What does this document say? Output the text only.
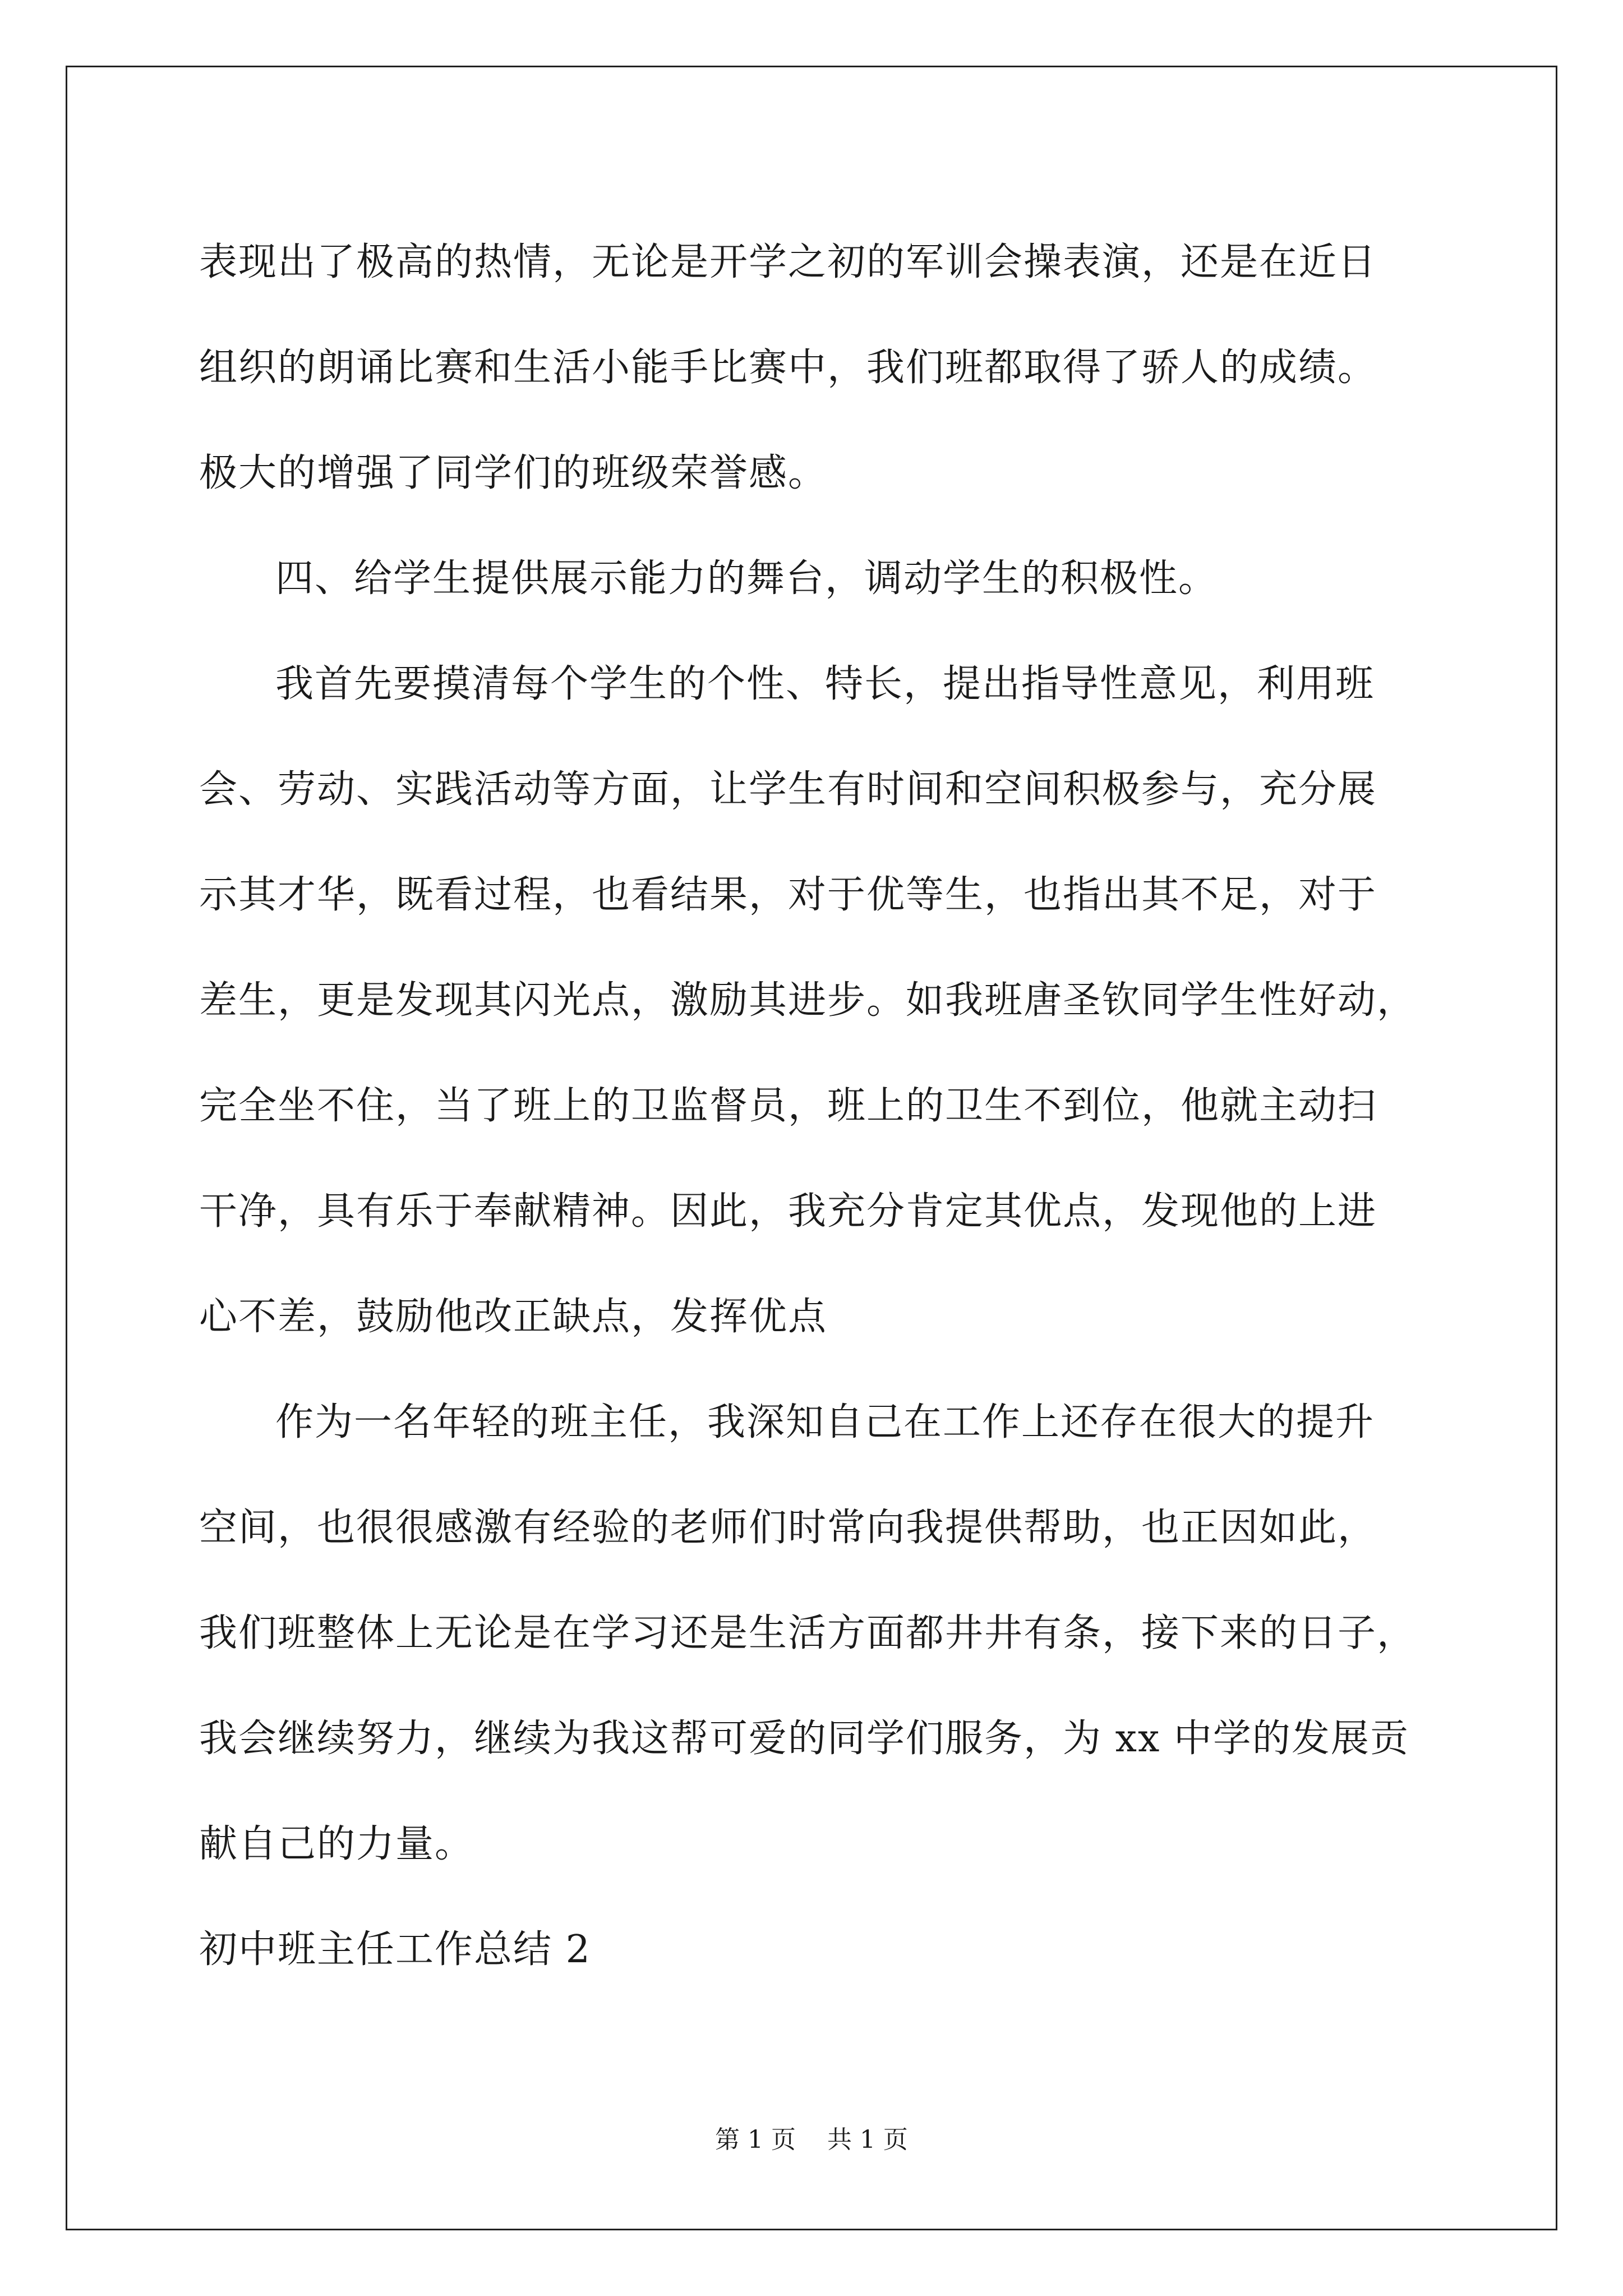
表现出了极高的热情，无论是开学之初的军训会操表演，还是在近日
组织的朗诵比赛和生活小能手比赛中，我们班都取得了骄人的成绩。
极大的增强了同学们的班级荣誉感。
四、给学生提供展示能力的舞台，调动学生的积极性。
我首先要摸清每个学生的个性、特长，提出指导性意见，利用班
会、劳动、实践活动等方面，让学生有时间和空间积极参与，充分展
示其才华，既看过程，也看结果，对于优等生，也指出其不足，对于
差生，更是发现其闪光点，激励其进步。如我班唐圣钦同学生性好动，
完全坐不住，当了班上的卫监督员，班上的卫生不到位，他就主动扫
干净，具有乐于奉献精神。因此，我充分肯定其优点，发现他的上进
心不差，鼓励他改正缺点，发挥优点
作为一名年轻的班主任，我深知自己在工作上还存在很大的提升
空间，也很很感激有经验的老师们时常向我提供帮助，也正因如此，
我们班整体上无论是在学习还是生活方面都井井有条，接下来的日子，
我会继续努力，继续为我这帮可爱的同学们服务，为 xx 中学的发展贡
献自己的力量。
初中班主任工作总结 2
第 1 页    共 1 页
